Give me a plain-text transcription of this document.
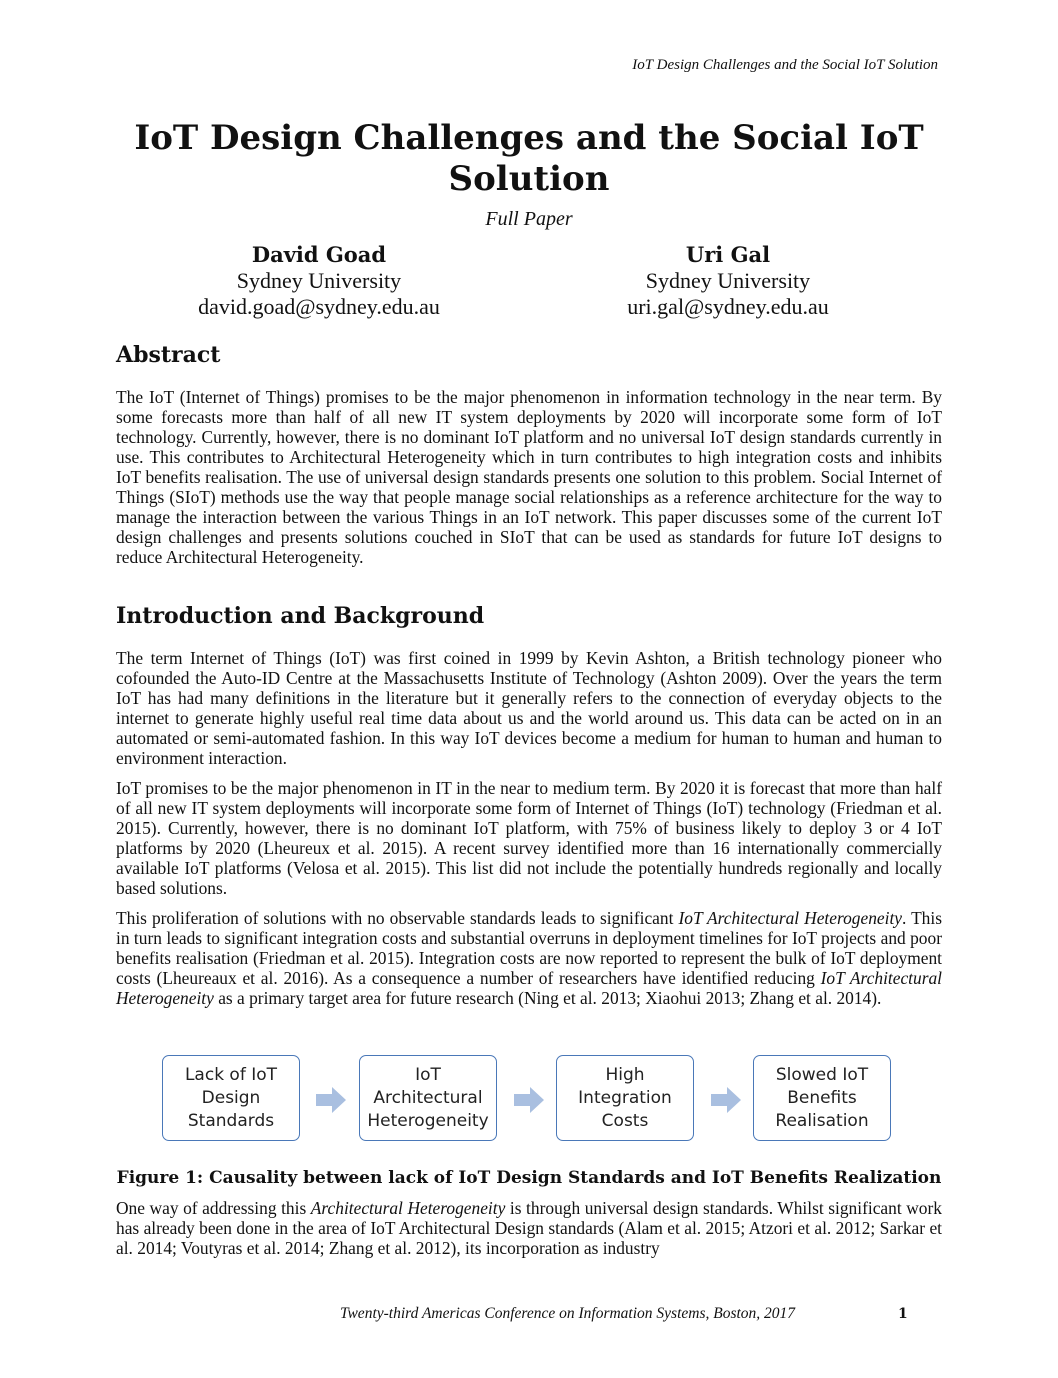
IoT Design Challenges and the Social IoT Solution
IoT Design Challenges and the Social IoT
Solution
Full Paper
David Goad
Sydney University
david.goad@sydney.edu.au
Uri Gal
Sydney University
uri.gal@sydney.edu.au
Abstract

The IoT (Internet of Things) promises to be the major phenomenon in information technology in the near term. By some forecasts more than half of all new IT system deployments by 2020 will incorporate some form of IoT technology. Currently, however, there is no dominant IoT platform and no universal IoT design standards currently in use. This contributes to Architectural Heterogeneity which in turn contributes to high integration costs and inhibits IoT benefits realisation. The use of universal design standards presents one solution to this problem. Social Internet of Things (SIoT) methods use the way that people manage social relationships as a reference architecture for the way to manage the interaction between the various Things in an IoT network. This paper discusses some of the current IoT design challenges and presents solutions couched in SIoT that can be used as standards for future IoT designs to reduce Architectural Heterogeneity.

Introduction and Background

The term Internet of Things (IoT) was first coined in 1999 by Kevin Ashton, a British technology pioneer who cofounded the Auto-ID Centre at the Massachusetts Institute of Technology (Ashton 2009). Over the years the term IoT has had many definitions in the literature but it generally refers to the connection of everyday objects to the internet to generate highly useful real time data about us and the world around us. This data can be acted on in an automated or semi-automated fashion. In this way IoT devices become a medium for human to human and human to environment interaction.

IoT promises to be the major phenomenon in IT in the near to medium term. By 2020 it is forecast that more than half of all new IT system deployments will incorporate some form of Internet of Things (IoT) technology (Friedman et al. 2015). Currently, however, there is no dominant IoT platform, with 75% of business likely to deploy 3 or 4 IoT platforms by 2020 (Lheureux et al. 2015). A recent survey identified more than 16 internationally commercially available IoT platforms (Velosa et al. 2015). This list did not include the potentially hundreds regionally and locally based solutions.

This proliferation of solutions with no observable standards leads to significant IoT Architectural Heterogeneity. This in turn leads to significant integration costs and substantial overruns in deployment timelines for IoT projects and poor benefits realisation (Friedman et al. 2015). Integration costs are now reported to represent the bulk of IoT deployment costs (Lheureaux et al. 2016). As a consequence a number of researchers have identified reducing IoT Architectural Heterogeneity as a primary target area for future research (Ning et al. 2013; Xiaohui 2013; Zhang et al. 2014).

Lack of IoT
Design
Standards
IoT
Architectural
Heterogeneity
High
Integration
Costs
Slowed IoT
Benefits
Realisation
Figure 1: Causality between lack of IoT Design Standards and IoT Benefits Realization

One way of addressing this Architectural Heterogeneity is through universal design standards. Whilst significant work has already been done in the area of IoT Architectural Design standards (Alam et al. 2015; Atzori et al. 2012; Sarkar et al. 2014; Voutyras et al. 2014; Zhang et al. 2012), its incorporation as industry

Twenty-third Americas Conference on Information Systems, Boston, 2017	1
